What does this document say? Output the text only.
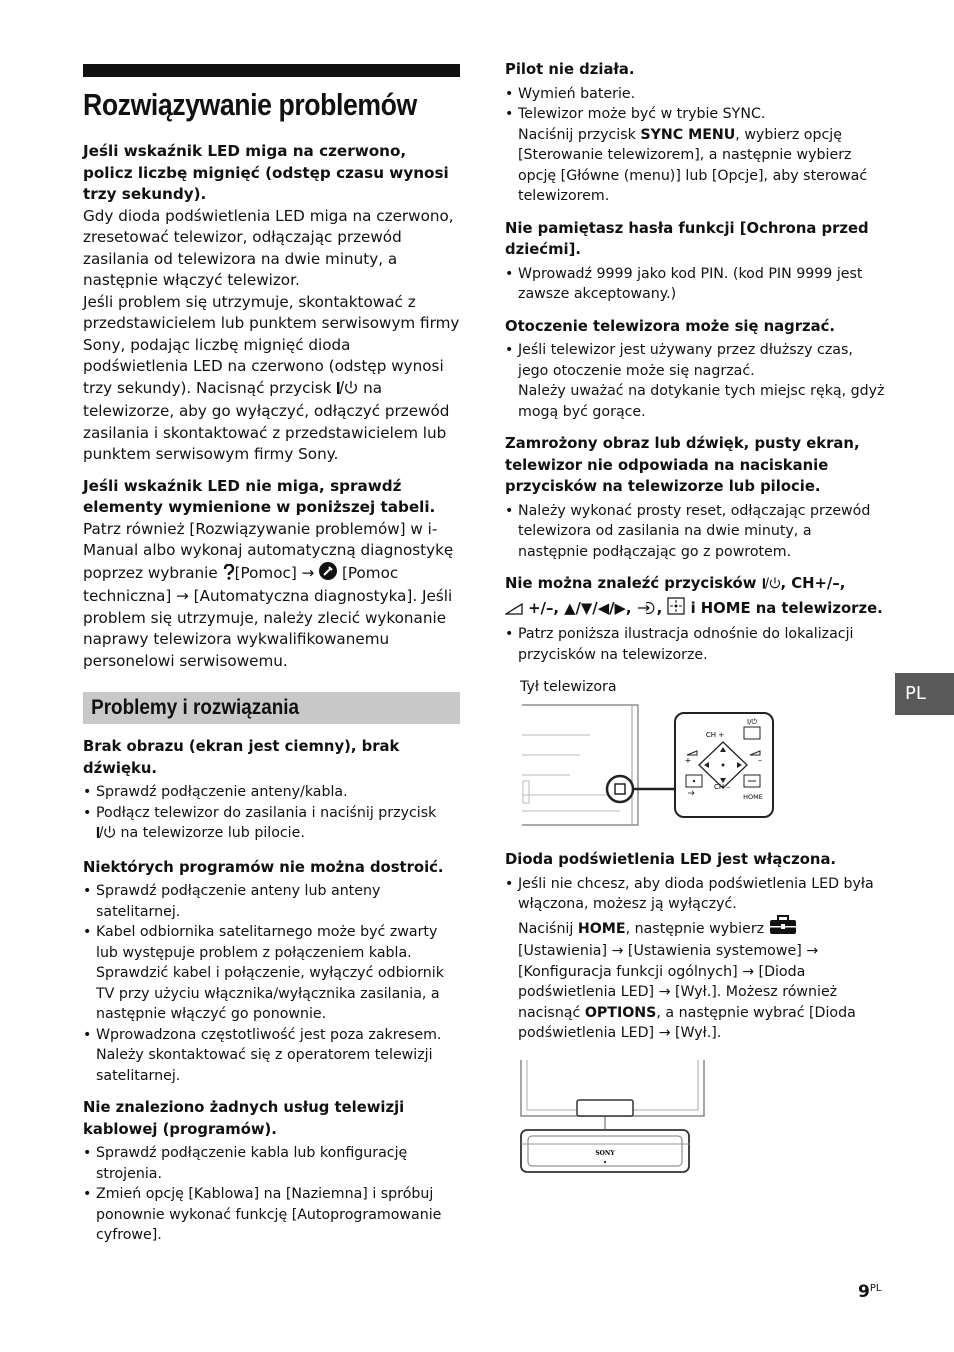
PL
$9^{PL}$
Rozwiązywanie problemów

Jeśli wskaźnik LED miga na czerwono, policz liczbę mignięć (odstęp czasu wynosi trzy sekundy).

Gdy dioda podświetlenia LED miga na czerwono, zresetować telewizor, odłączając przewód zasilania od telewizora na dwie minuty, a następnie włączyć telewizor.

Jeśli problem się utrzymuje, skontaktować z przedstawicielem lub punktem serwisowym firmy Sony, podając liczbę mignięć dioda podświetlenia LED na czerwono (odstęp wynosi trzy sekundy). Nacisnąć przycisk na telewizorze, aby go wyłączyć, odłączyć przewód zasilania i skontaktować z przedstawicielem lub punktem serwisowym firmy Sony.

Jeśli wskaźnik LED nie miga, sprawdź elementy wymienione w poniższej tabeli.

Patrz również [Rozwiązywanie problemów] w i-Manual albo wykonaj automatyczną diagnostykę poprzez wybranie [Pomoc] → [Pomoc techniczna] → [Automatyczna diagnostyka]. Jeśli problem się utrzymuje, należy zlecić wykonanie naprawy telewizora wykwalifikowanemu personelowi serwisowemu.

Problemy i rozwiązania

Brak obrazu (ekran jest ciemny), brak dźwięku.

• Sprawdź podłączenie anteny/kabla.
• Podłącz telewizor do zasilania i naciśnij przycisk  na telewizorze lub pilocie.

Niektórych programów nie można dostroić.

• Sprawdź podłączenie anteny lub anteny satelitarnej.
• Kabel odbiornika satelitarnego może być zwarty lub występuje problem z połączeniem kabla. Sprawdzić kabel i połączenie, wyłączyć odbiornik TV przy użyciu włącznika/wyłącznika zasilania, a następnie włączyć go ponownie.
• Wprowadzona częstotliwość jest poza zakresem. Należy skontaktować się z operatorem telewizji satelitarnej.

Nie znaleziono żadnych usług telewizji kablowej (programów).

• Sprawdź podłączenie kabla lub konfigurację strojenia.
• Zmień opcję [Kablowa] na [Naziemna] i spróbuj ponownie wykonać funkcję [Autoprogramowanie cyfrowe].

Pilot nie działa.

• Wymień baterie.
• Telewizor może być w trybie SYNC.
Naciśnij przycisk SYNC MENU, wybierz opcję [Sterowanie telewizorem], a następnie wybierz opcję [Główne (menu)] lub [Opcje], aby sterować telewizorem.

Nie pamiętasz hasła funkcji [Ochrona przed dziećmi].

• Wprowadź 9999 jako kod PIN. (kod PIN 9999 jest zawsze akceptowany.)

Otoczenie telewizora może się nagrzać.

• Jeśli telewizor jest używany przez dłuższy czas, jego otoczenie może się nagrzać.
Należy uważać na dotykanie tych miejsc ręką, gdyż mogą być gorące.

Zamrożony obraz lub dźwięk, pusty ekran, telewizor nie odpowiada na naciskanie przycisków na telewizorze lub pilocie.

• Należy wykonać prosty reset, odłączając przewód telewizora od zasilania na dwie minuty, a następnie podłączając go z powrotem.

Nie można znaleźć przycisków , CH+/–,
+/–, ▲/▼/◀/▶, ,  i HOME na telewizorze.

• Patrz poniższa ilustracja odnośnie do lokalizacji przycisków na telewizorze.
Tył telewizora
CH +
CH –
HOME
+	–
I/⏻

Dioda podświetlenia LED jest włączona.

• Jeśli nie chcesz, aby dioda podświetlenia LED była włączona, możesz ją wyłączyć.
Naciśnij HOME, następnie wybierz
[Ustawienia] → [Ustawienia systemowe] → [Konfiguracja funkcji ogólnych] → [Dioda podświetlenia LED] → [Wył.]. Możesz również nacisnąć OPTIONS, a następnie wybrać [Dioda podświetlenia LED] → [Wył.].
SONY
